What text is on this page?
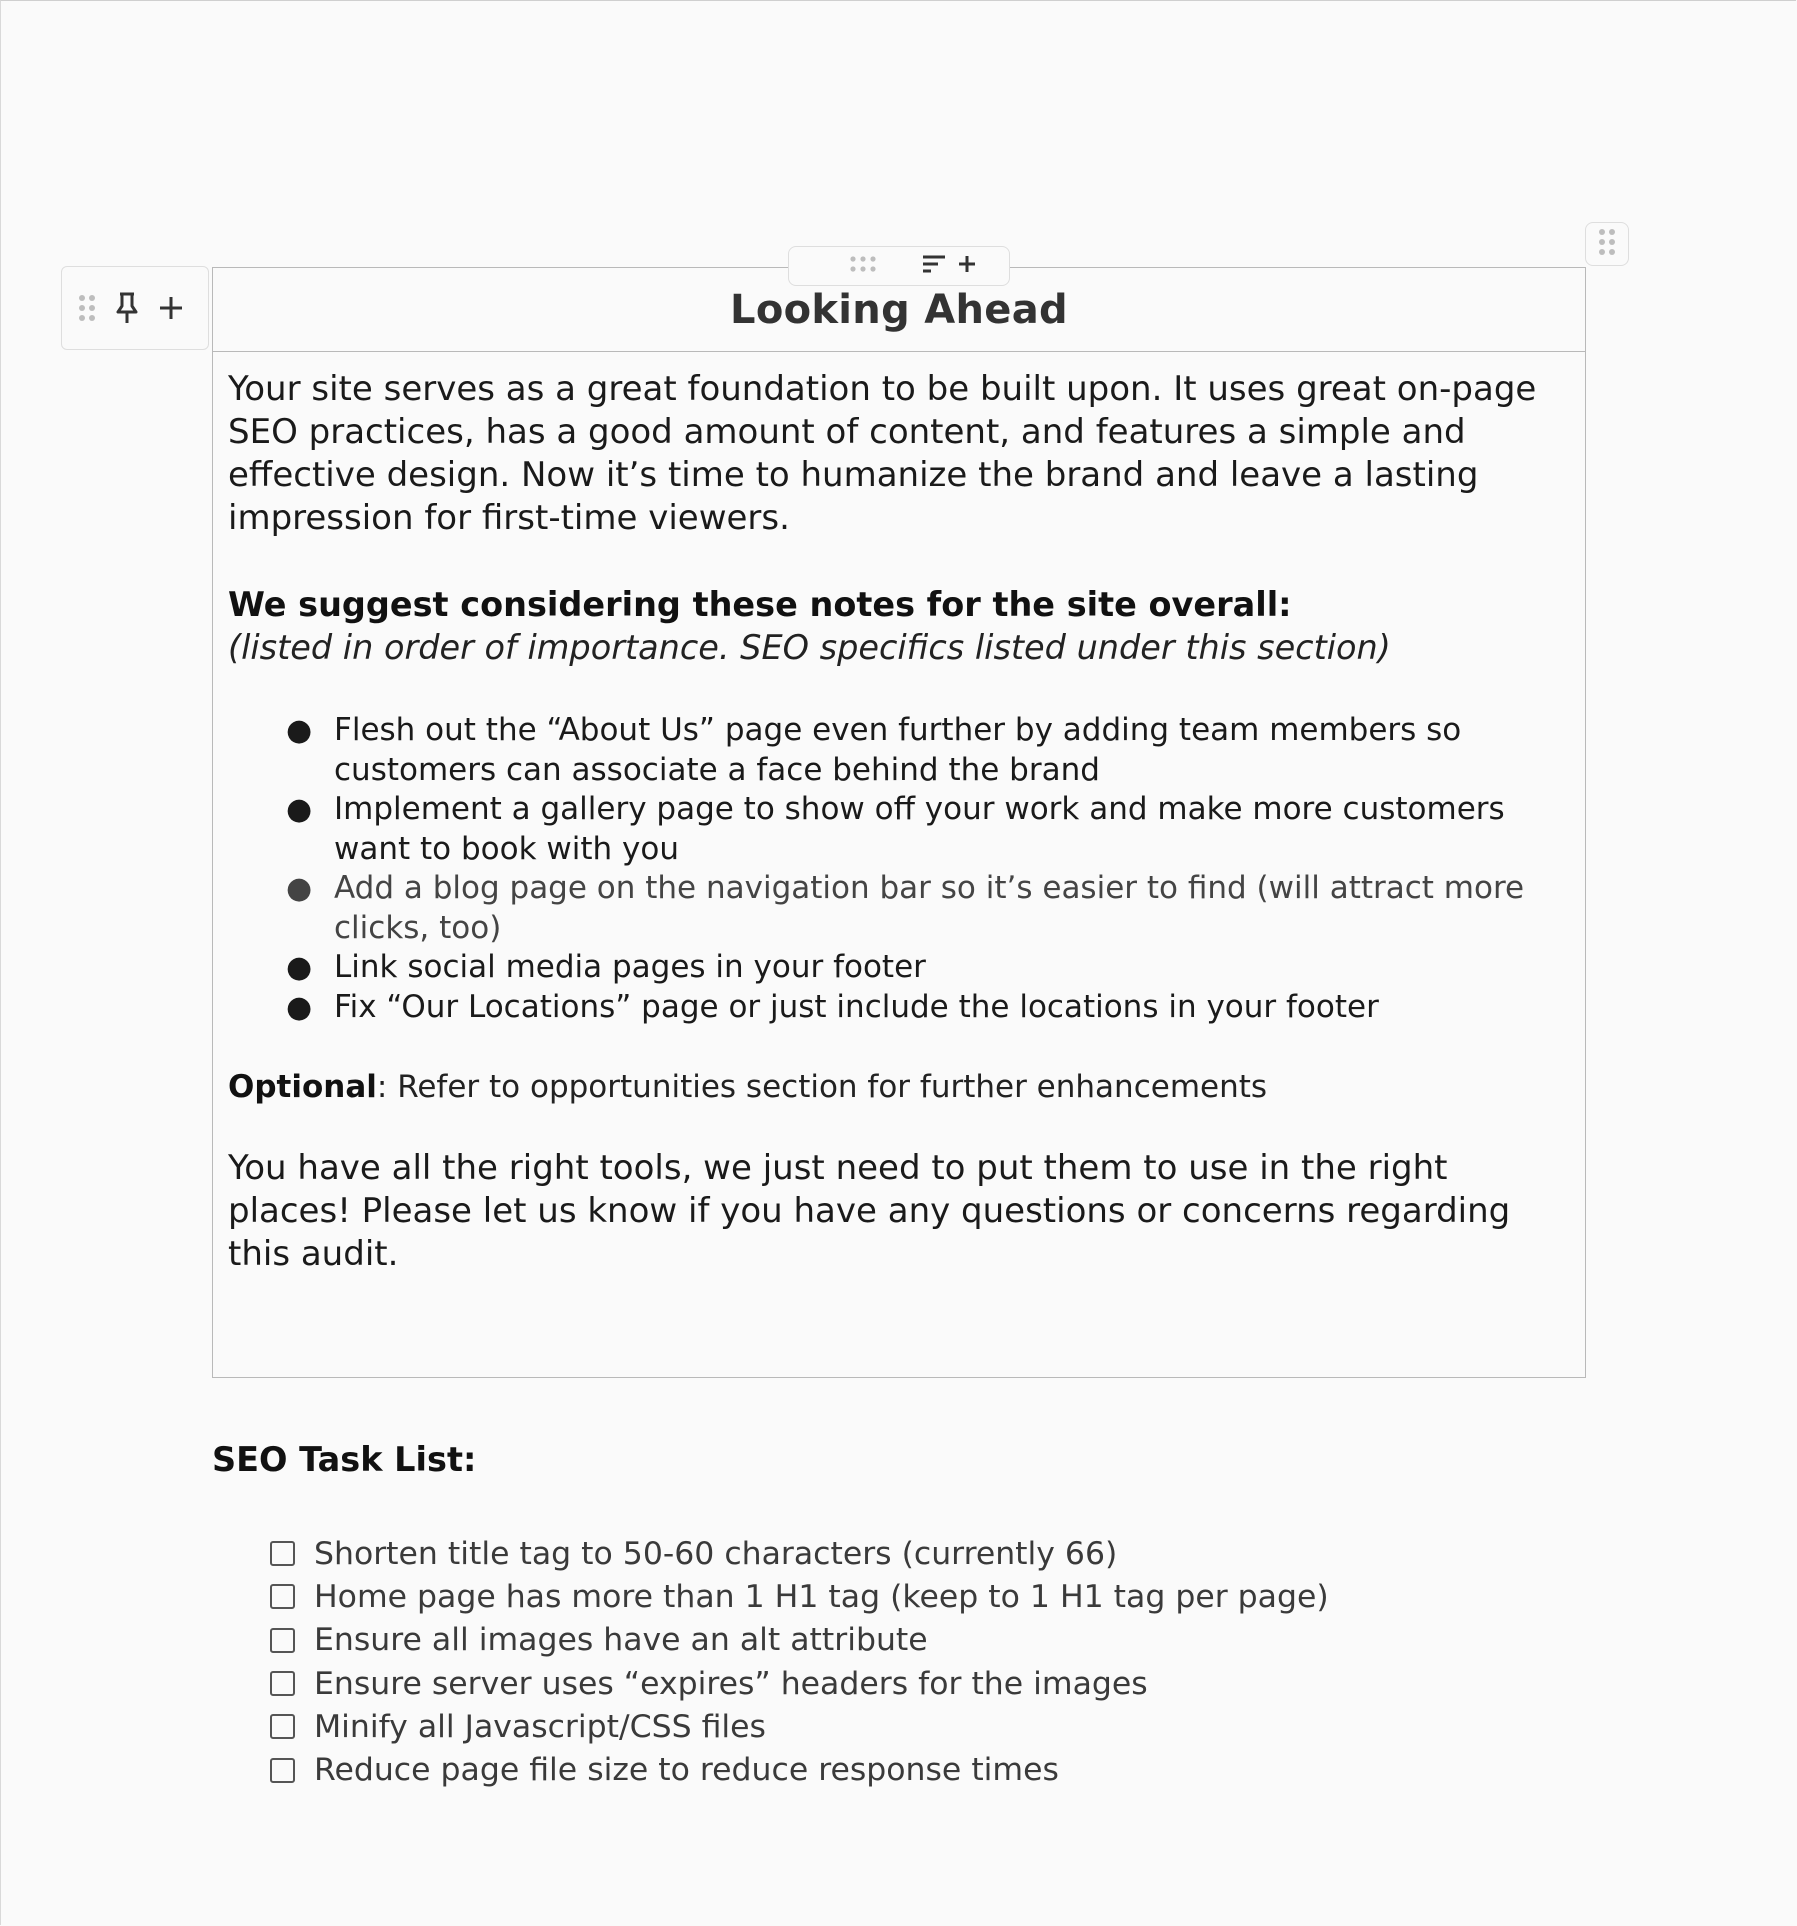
Looking Ahead

Your site serves as a great foundation to be built upon. It uses great on-page SEO practices, has a good amount of content, and features a simple and effective design. Now it’s time to humanize the brand and leave a lasting impression for first-time viewers.

We suggest considering these notes for the site overall:

(listed in order of importance. SEO specifics listed under this section)

● Flesh out the “About Us” page even further by adding team members so customers can associate a face behind the brand
● Implement a gallery page to show off your work and make more customers want to book with you
● Add a blog page on the navigation bar so it’s easier to find (will attract more clicks, too)
● Link social media pages in your footer
● Fix “Our Locations” page or just include the locations in your footer

Optional: Refer to opportunities section for further enhancements

You have all the right tools, we just need to put them to use in the right places! Please let us know if you have any questions or concerns regarding this audit.

SEO Task List:
Shorten title tag to 50-60 characters (currently 66)
Home page has more than 1 H1 tag (keep to 1 H1 tag per page)
Ensure all images have an alt attribute
Ensure server uses “expires” headers for the images
Minify all Javascript/CSS files
Reduce page file size to reduce response times
